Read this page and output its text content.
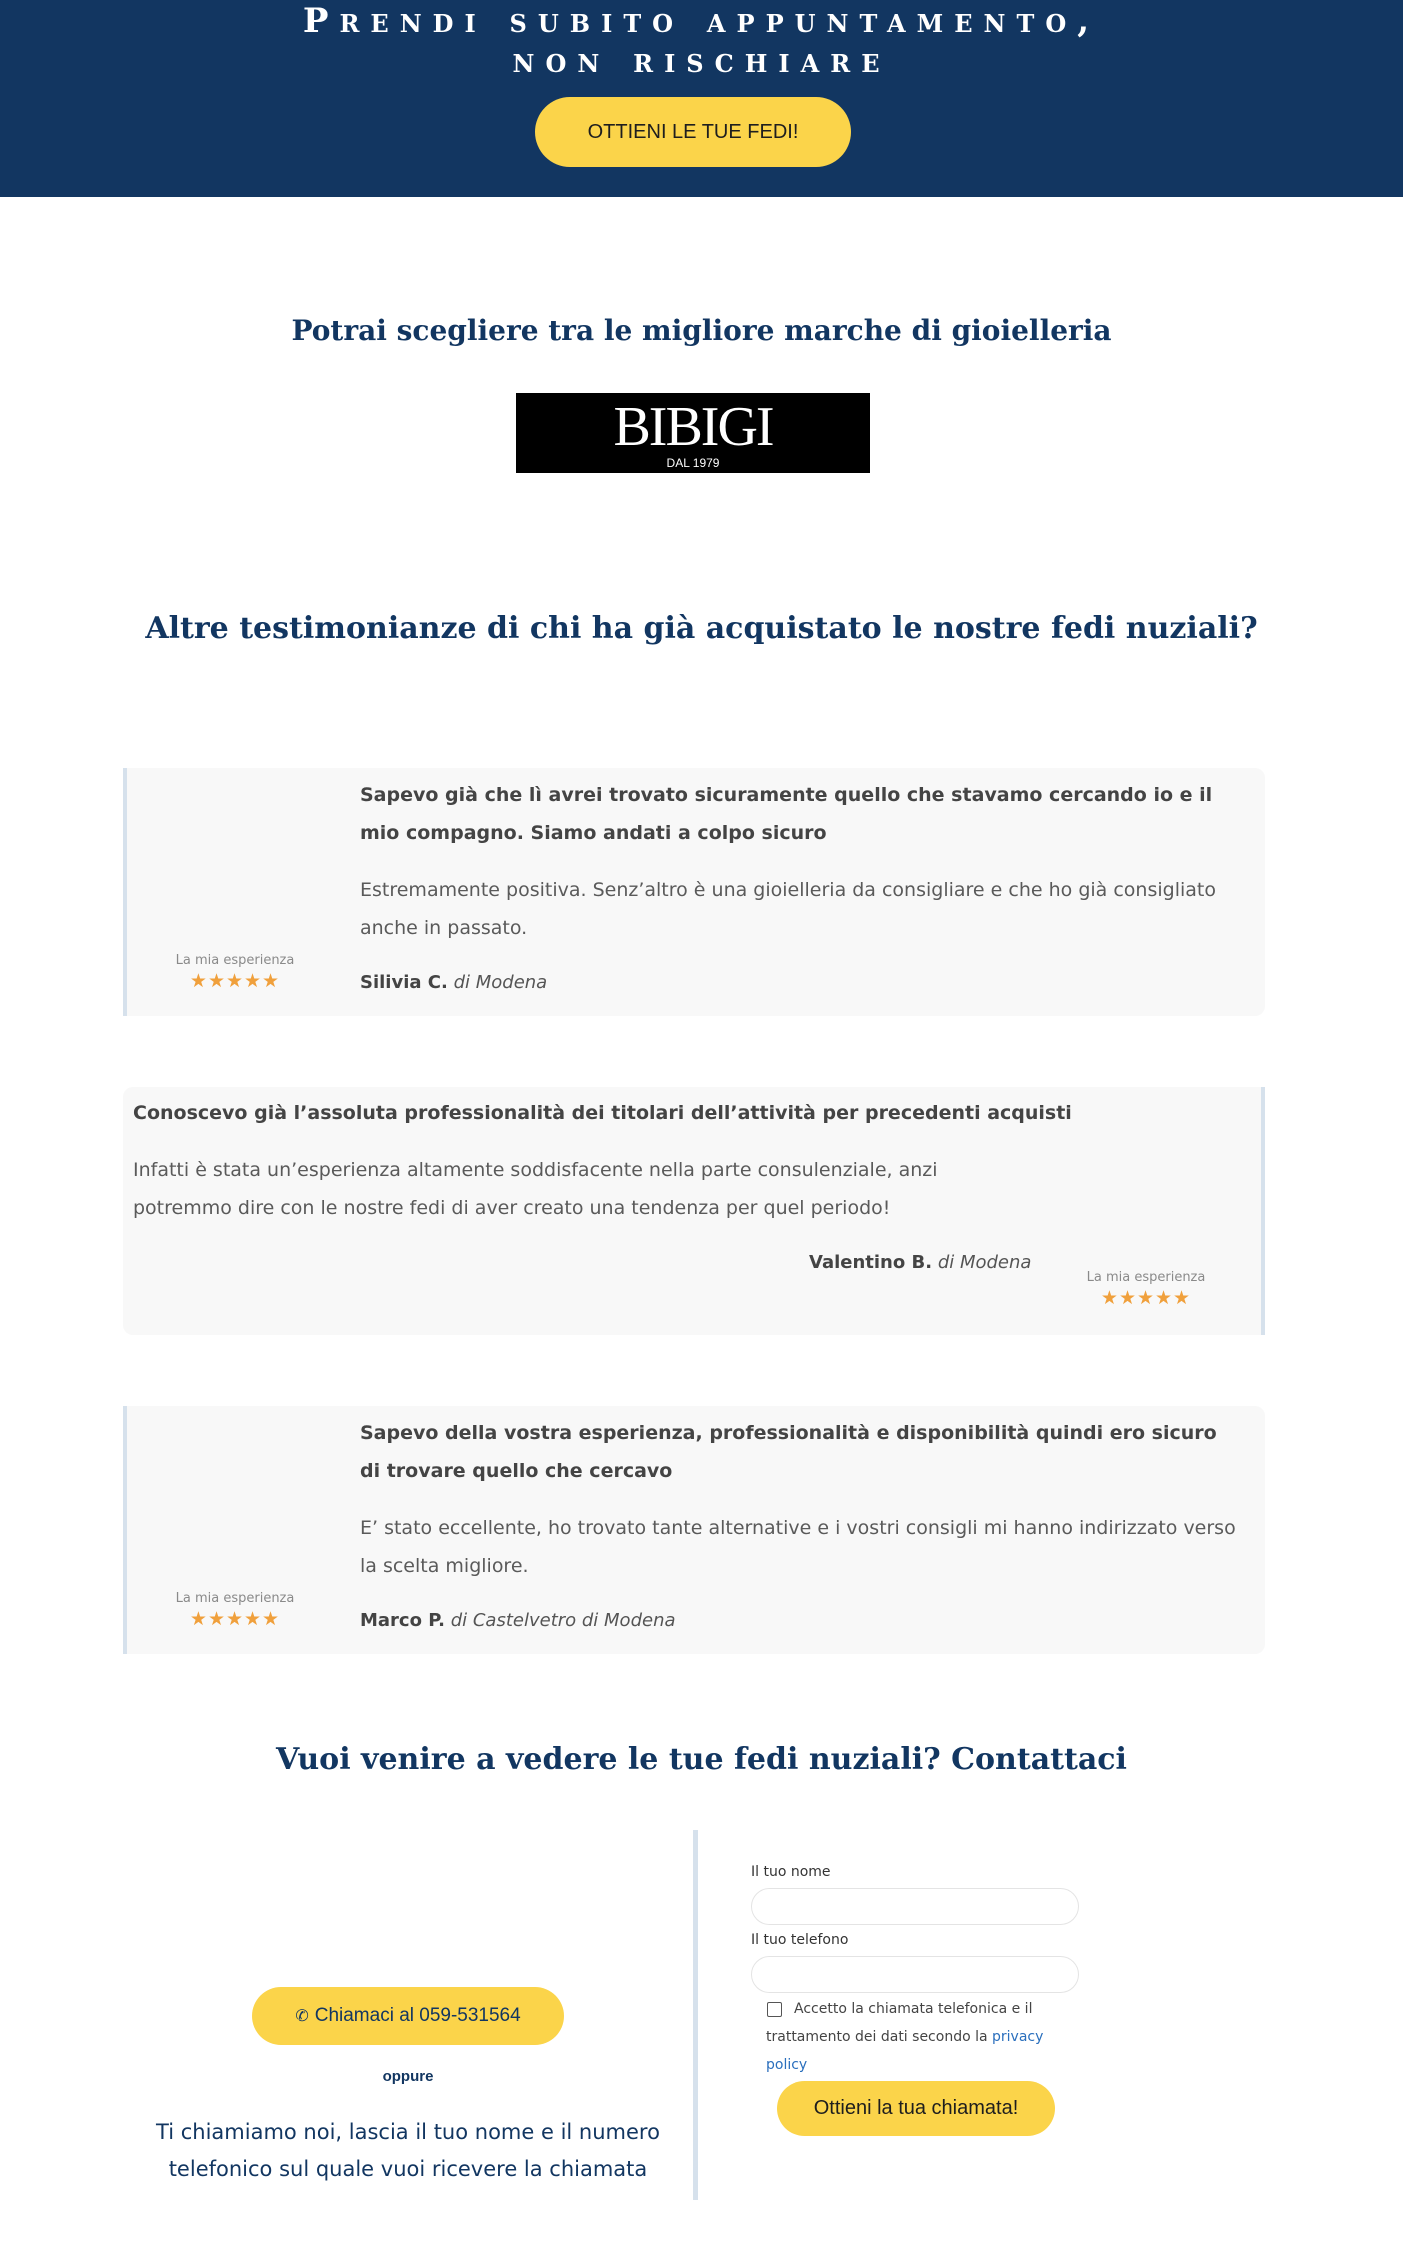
Prendi subito appuntamento,
non rischiare
OTTIENI LE TUE FEDI!
Potrai scegliere tra le migliore marche di gioielleria
BIBIGI
DAL 1979
Altre testimonianze di chi ha già acquistato le nostre fedi nuziali?
La mia esperienza
★★★★★

Sapevo già che lì avrei trovato sicuramente quello che stavamo cercando io e il mio compagno. Siamo andati a colpo sicuro

Estremamente positiva. Senz’altro è una gioielleria da consigliare e che ho già consigliato anche in passato.

Silivia C. di Modena

Conoscevo già l’assoluta professionalità dei titolari dell’attività per precedenti acquisti

Infatti è stata un’esperienza altamente soddisfacente nella parte consulenziale, anzi potremmo dire con le nostre fedi di aver creato una tendenza per quel periodo!

Valentino B. di Modena
La mia esperienza
★★★★★
La mia esperienza
★★★★★

Sapevo della vostra esperienza, professionalità e disponibilità quindi ero sicuro di trovare quello che cercavo

E’ stato eccellente, ho trovato tante alternative e i vostri consigli mi hanno indirizzato verso la scelta migliore.

Marco P. di Castelvetro di Modena
Vuoi venire a vedere le tue fedi nuziali? Contattaci
✆ Chiamaci al 059-531564
oppure
Ti chiamiamo noi, lascia il tuo nome e il numero telefonico sul quale vuoi ricevere la chiamata
Il tuo nome
Il tuo telefono
Accetto la chiamata telefonica e il trattamento dei dati secondo la privacy policy
Ottieni la tua chiamata!
